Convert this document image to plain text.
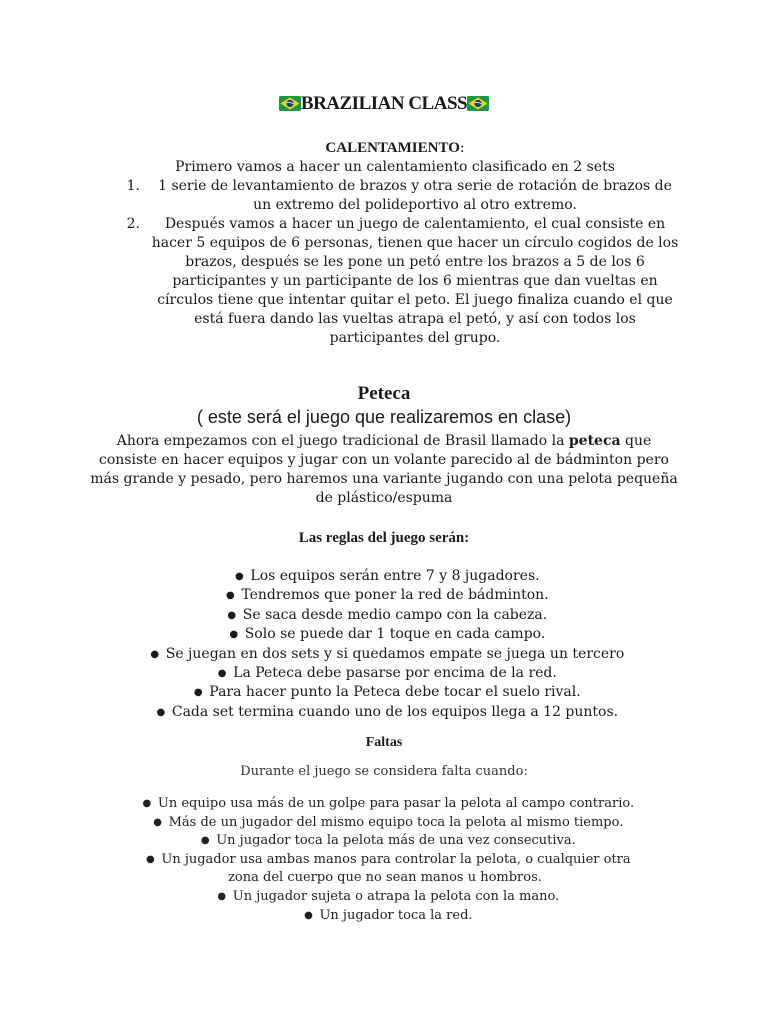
BRAZILIAN CLASS
CALENTAMIENTO:
Primero vamos a hacer un calentamiento clasificado en 2 sets
1.	1 serie de levantamiento de brazos y otra serie de rotación de brazos de un extremo del polideportivo al otro extremo.
2.	Después vamos a hacer un juego de calentamiento, el cual consiste en hacer 5 equipos de 6 personas, tienen que hacer un círculo cogidos de los brazos, después se les pone un petó entre los brazos a 5 de los 6 participantes y un participante de los 6 mientras que dan vueltas en círculos tiene que intentar quitar el peto. El juego finaliza cuando el que está fuera dando las vueltas atrapa el petó, y así con todos los participantes del grupo.
Peteca
( este será el juego que realizaremos en clase)
Ahora empezamos con el juego tradicional de Brasil llamado la peteca que consiste en hacer equipos y jugar con un volante parecido al de bádminton pero más grande y pesado, pero haremos una variante jugando con una pelota pequeña de plástico/espuma
Las reglas del juego serán:
● Los equipos serán entre 7 y 8 jugadores.
● Tendremos que poner la red de bádminton.
● Se saca desde medio campo con la cabeza.
● Solo se puede dar 1 toque en cada campo.
● Se juegan en dos sets y si quedamos empate se juega un tercero
● La Peteca debe pasarse por encima de la red.
● Para hacer punto la Peteca debe tocar el suelo rival.
● Cada set termina cuando uno de los equipos llega a 12 puntos.
Faltas
Durante el juego se considera falta cuando:
● Un equipo usa más de un golpe para pasar la pelota al campo contrario.
● Más de un jugador del mismo equipo toca la pelota al mismo tiempo.
● Un jugador toca la pelota más de una vez consecutiva.
● Un jugador usa ambas manos para controlar la pelota, o cualquier otra zona del cuerpo que no sean manos u hombros.
● Un jugador sujeta o atrapa la pelota con la mano.
● Un jugador toca la red.
